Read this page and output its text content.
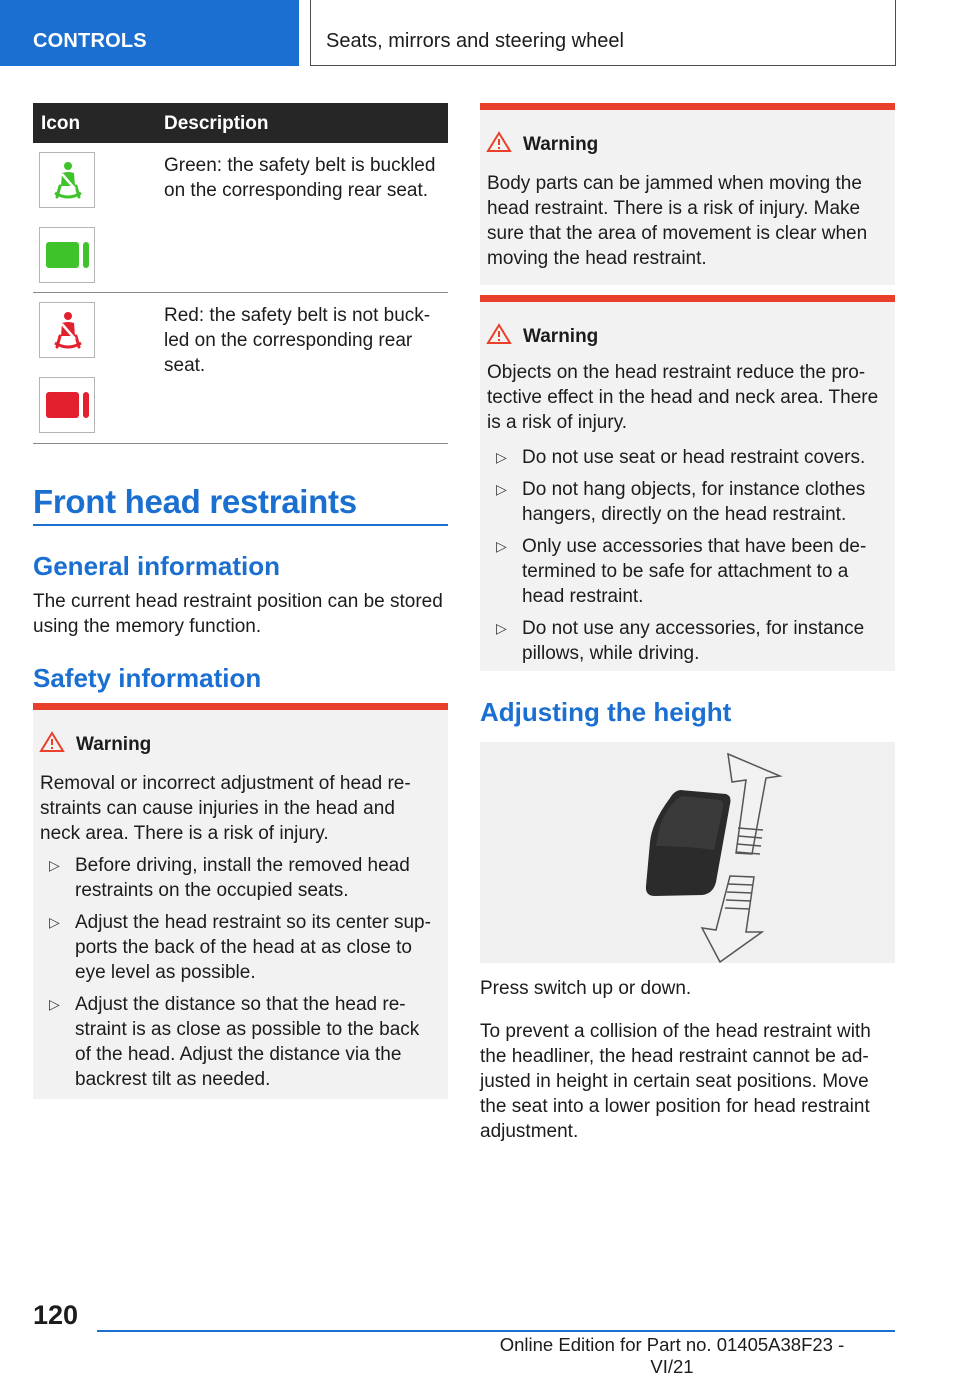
CONTROLS	Seats, mirrors and steering wheel
Icon	Description
Green: the safety belt is buckled on the corresponding rear seat.
Red: the safety belt is not buck-led on the corresponding rear seat.
Front head restraints
General information
The current head restraint position can be stored using the memory function.
Safety information
Warning
Removal or incorrect adjustment of head re-straints can cause injuries in the head and neck area. There is a risk of injury.
▷ Before driving, install the removed head restraints on the occupied seats.
▷ Adjust the head restraint so its center sup-ports the back of the head at as close to eye level as possible.
▷ Adjust the distance so that the head re-straint is as close as possible to the back of the head. Adjust the distance via the backrest tilt as needed.
Warning
Body parts can be jammed when moving the head restraint. There is a risk of injury. Make sure that the area of movement is clear when moving the head restraint.
Warning
Objects on the head restraint reduce the pro-tective effect in the head and neck area. There is a risk of injury.
▷ Do not use seat or head restraint covers.
▷ Do not hang objects, for instance clothes hangers, directly on the head restraint.
▷ Only use accessories that have been de-termined to be safe for attachment to a head restraint.
▷ Do not use any accessories, for instance pillows, while driving.
Adjusting the height
Press switch up or down.
To prevent a collision of the head restraint with the headliner, the head restraint cannot be ad-justed in height in certain seat positions. Move the seat into a lower position for head restraint adjustment.
120
Online Edition for Part no. 01405A38F23 - VI/21
